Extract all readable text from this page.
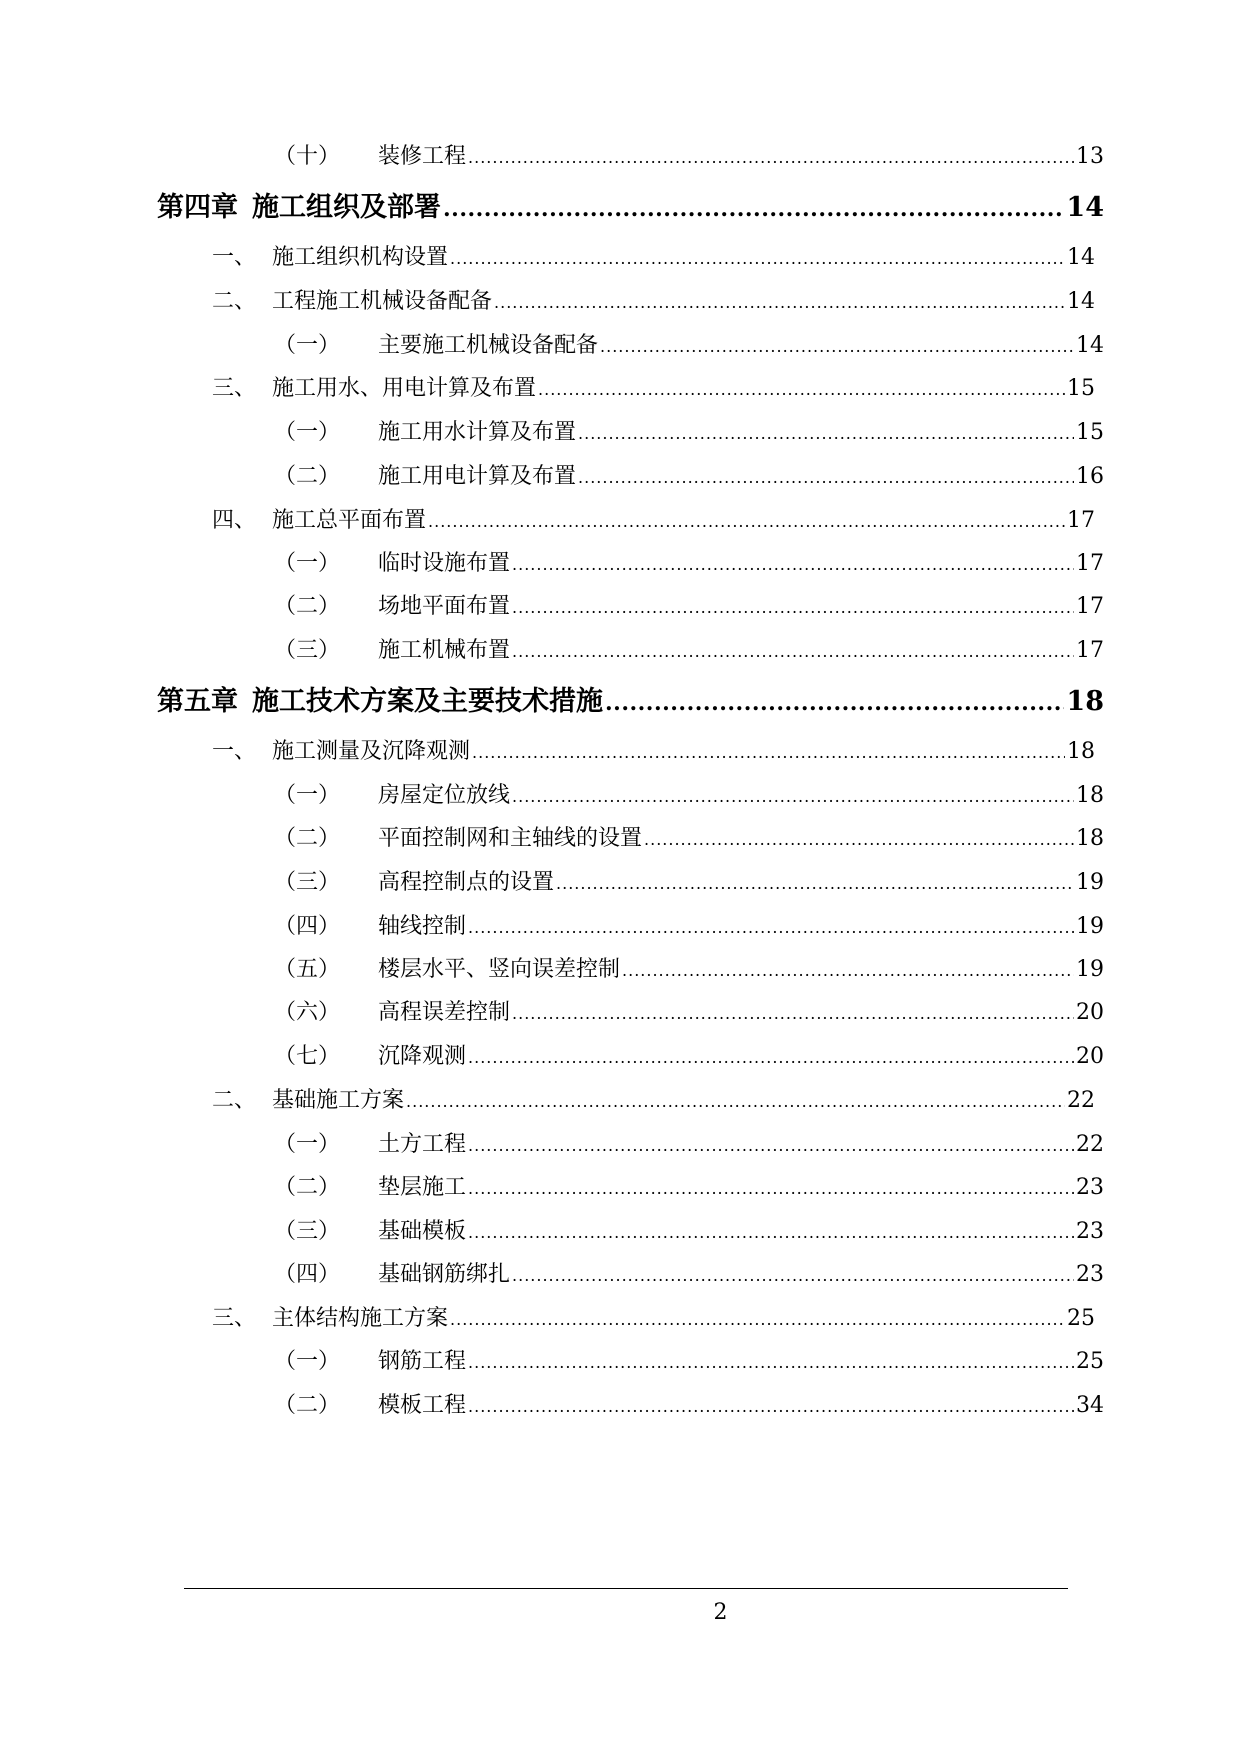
（十）	装修工程 .....	13
第四章 施工组织及部署 .....	14
一、 施工组织机构设置 .....	14
二、 工程施工机械设备配备 .....	14
（一）	主要施工机械设备配备 .....	14
三、 施工用水、用电计算及布置 .....	15
（一）	施工用水计算及布置 .....	15
（二）	施工用电计算及布置 .....	16
四、 施工总平面布置 .....	17
（一）	临时设施布置 .....	17
（二）	场地平面布置 .....	17
（三）	施工机械布置 .....	17
第五章 施工技术方案及主要技术措施 .....	18
一、 施工测量及沉降观测 .....	18
（一）	房屋定位放线 .....	18
（二）	平面控制网和主轴线的设置 .....	18
（三）	高程控制点的设置 .....	19
（四）	轴线控制 .....	19
（五）	楼层水平、竖向误差控制 .....	19
（六）	高程误差控制 .....	20
（七）	沉降观测 .....	20
二、 基础施工方案 .....	22
（一）	土方工程 .....	22
（二）	垫层施工 .....	23
（三）	基础模板 .....	23
（四）	基础钢筋绑扎 .....	23
三、 主体结构施工方案 .....	25
（一）	钢筋工程 .....	25
（二）	模板工程 .....	34
2
